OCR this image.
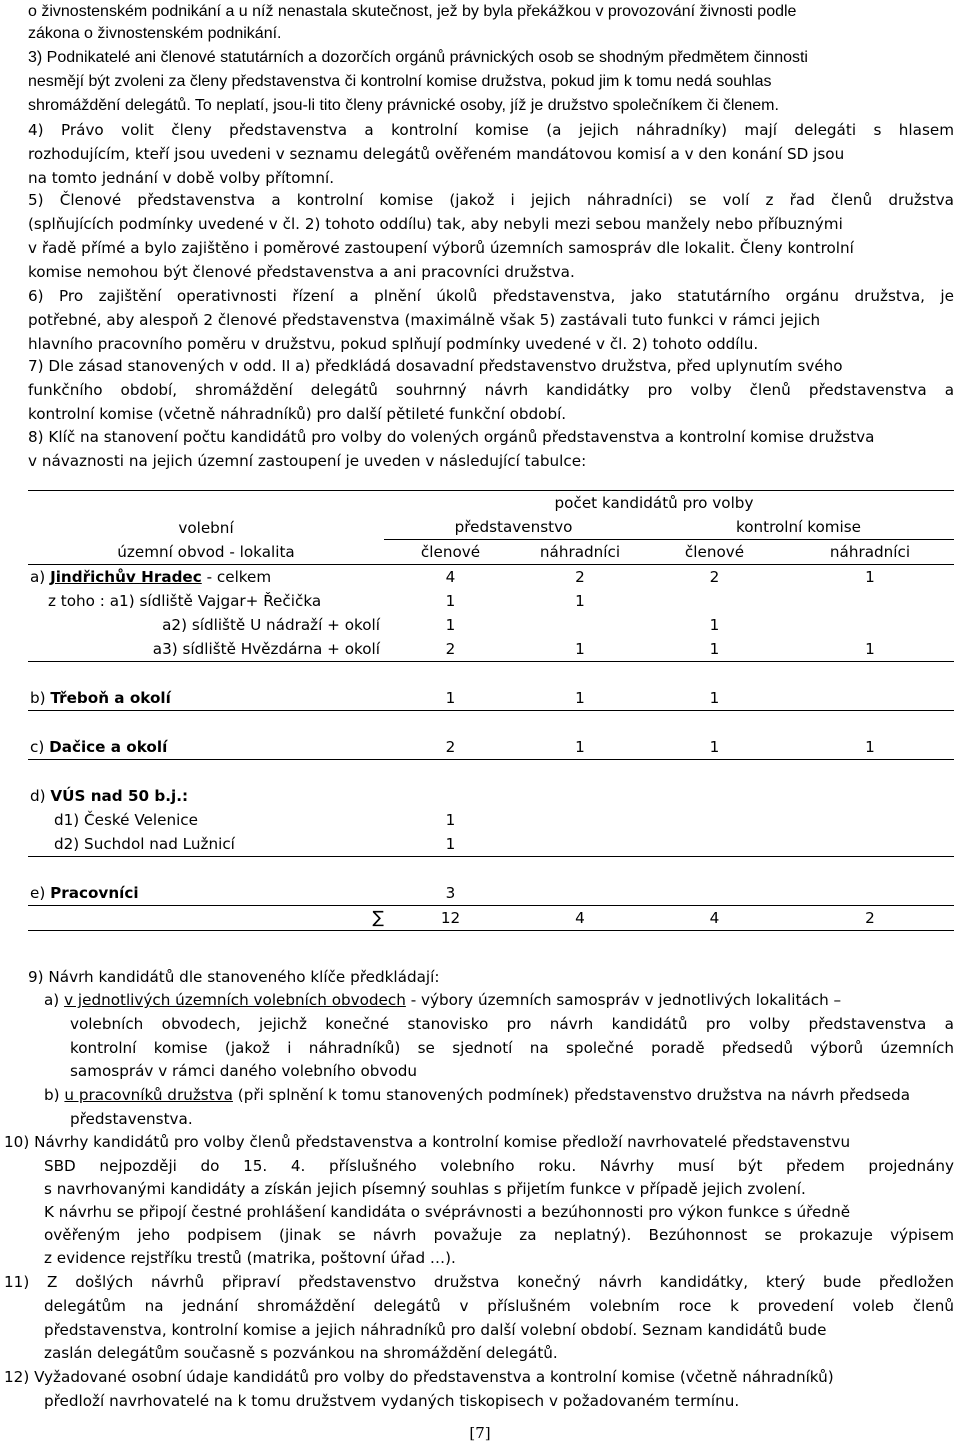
o živnostenském podnikání a u níž nenastala skutečnost, jež by byla překážkou v provozování živnosti podle
zákona o živnostenském podnikání.
3) Podnikatelé ani členové statutárních a dozorčích orgánů právnických osob se shodným předmětem činnosti
nesmějí být zvoleni za členy představenstva či kontrolní komise družstva, pokud jim k tomu nedá souhlas
shromáždění delegátů. To neplatí, jsou-li tito členy právnické osoby, jíž je družstvo společníkem či členem.
4) Právo volit členy představenstva a kontrolní komise (a jejich náhradníky) mají delegáti s hlasem
rozhodujícím, kteří jsou uvedeni v seznamu delegátů ověřeném mandátovou komisí a v den konání SD jsou
na tomto jednání v době volby přítomní.
5) Členové představenstva a kontrolní komise (jakož i jejich náhradníci) se volí z řad členů družstva
(splňujících podmínky uvedené v čl. 2) tohoto oddílu) tak, aby nebyli mezi sebou manžely nebo příbuznými
v řadě přímé a bylo zajištěno i poměrové zastoupení výborů územních samospráv dle lokalit. Členy kontrolní
komise nemohou být členové představenstva a ani pracovníci družstva.
6) Pro zajištění operativnosti řízení a plnění úkolů představenstva, jako statutárního orgánu družstva, je
potřebné, aby alespoň 2 členové představenstva (maximálně však 5) zastávali tuto funkci v rámci jejich
hlavního pracovního poměru v družstvu, pokud splňují podmínky uvedené v čl. 2) tohoto oddílu.
7) Dle zásad stanovených v odd. II a) předkládá dosavadní představenstvo družstva, před uplynutím svého
funkčního období, shromáždění delegátů souhrnný návrh kandidátky pro volby členů představenstva a
kontrolní komise (včetně náhradníků) pro další pětileté funkční období.
8) Klíč na stanovení počtu kandidátů pro volby do volených orgánů představenstva a kontrolní komise družstva
v návaznosti na jejich územní zastoupení je uveden v následující tabulce:
	počet kandidátů pro volby			
volební	představenstvo		kontrolní komise	
územní obvod - lokalita	členové	náhradníci	členové	náhradníci
a) Jindřichův Hradec - celkem	4	2	2	1
z toho : a1) sídliště Vajgar+ Řečička	1	1		
a2) sídliště U nádraží + okolí	1		1	
a3) sídliště Hvězdárna + okolí	2	1	1	1

b) Třeboň a okolí	1	1	1	

c) Dačice a okolí	2	1	1	1

d) VÚS nad 50 b.j.:				
d1) České Velenice	1			
d2) Suchdol nad Lužnicí	1			

e) Pracovníci	3			
∑	12	4	4	2
9) Návrh kandidátů dle stanoveného klíče předkládají:
a) v jednotlivých územních volebních obvodech - výbory územních samospráv v jednotlivých lokalitách –
volebních obvodech, jejichž konečné stanovisko pro návrh kandidátů pro volby představenstva a
kontrolní komise (jakož i náhradníků) se sjednotí na společné poradě předsedů výborů územních
samospráv v rámci daného volebního obvodu
b) u pracovníků družstva (při splnění k tomu stanovených podmínek) představenstvo družstva na návrh předseda
představenstva.
10) Návrhy kandidátů pro volby členů představenstva a kontrolní komise předloží navrhovatelé představenstvu
SBD nejpozději do 15. 4. příslušného volebního roku. Návrhy musí být předem projednány
s navrhovanými kandidáty a získán jejich písemný souhlas s přijetím funkce v případě jejich zvolení.
K návrhu se připojí čestné prohlášení kandidáta o svéprávnosti a bezúhonnosti pro výkon funkce s úředně
ověřeným jeho podpisem (jinak se návrh považuje za neplatný). Bezúhonnost se prokazuje výpisem
z evidence rejstříku trestů (matrika, poštovní úřad …).
11) Z došlých návrhů připraví představenstvo družstva konečný návrh kandidátky, který bude předložen
delegátům na jednání shromáždění delegátů v příslušném volebním roce k provedení voleb členů
představenstva, kontrolní komise a jejich náhradníků pro další volební období. Seznam kandidátů bude
zaslán delegátům současně s pozvánkou na shromáždění delegátů.
12) Vyžadované osobní údaje kandidátů pro volby do představenstva a kontrolní komise (včetně náhradníků)
předloží navrhovatelé na k tomu družstvem vydaných tiskopisech v požadovaném termínu.
[7]
